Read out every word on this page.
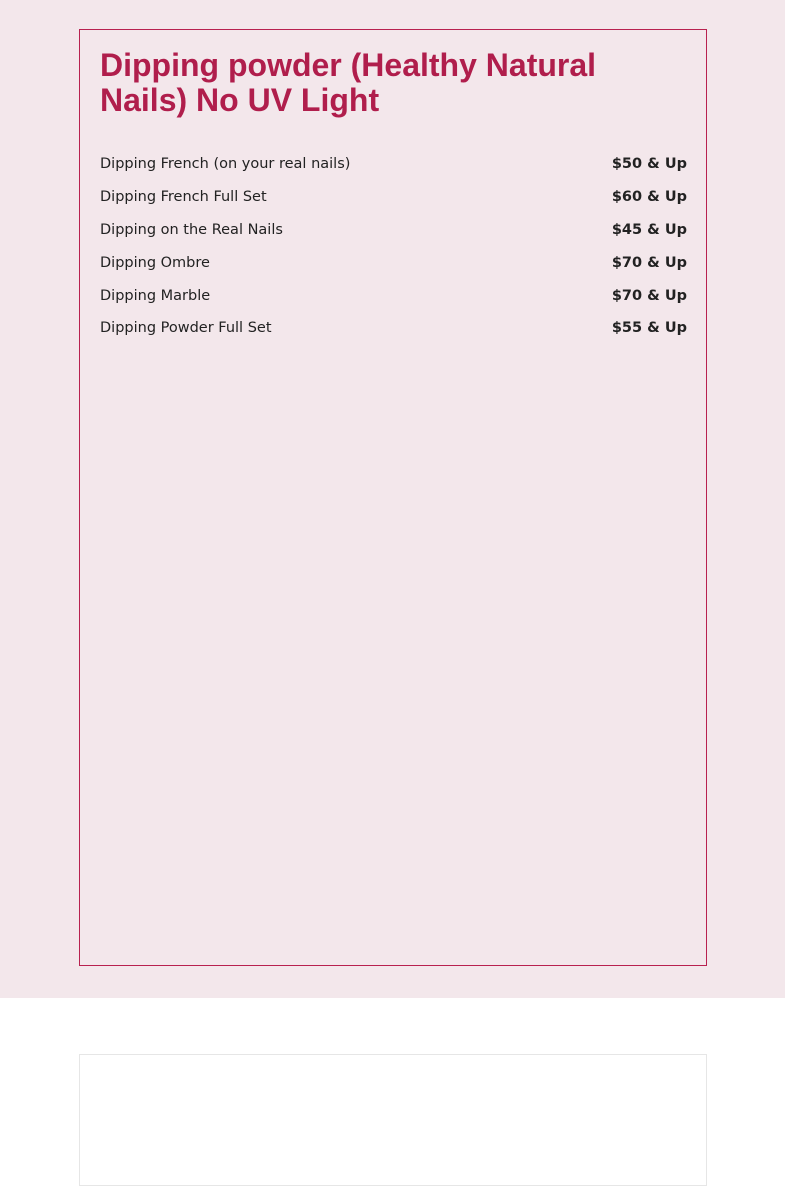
Dipping powder (Healthy Natural Nails) No UV Light
Dipping French (on your real nails)	$50 & Up
Dipping French Full Set	$60 & Up
Dipping on the Real Nails	$45 & Up
Dipping Ombre	$70 & Up
Dipping Marble	$70 & Up
Dipping Powder Full Set	$55 & Up
